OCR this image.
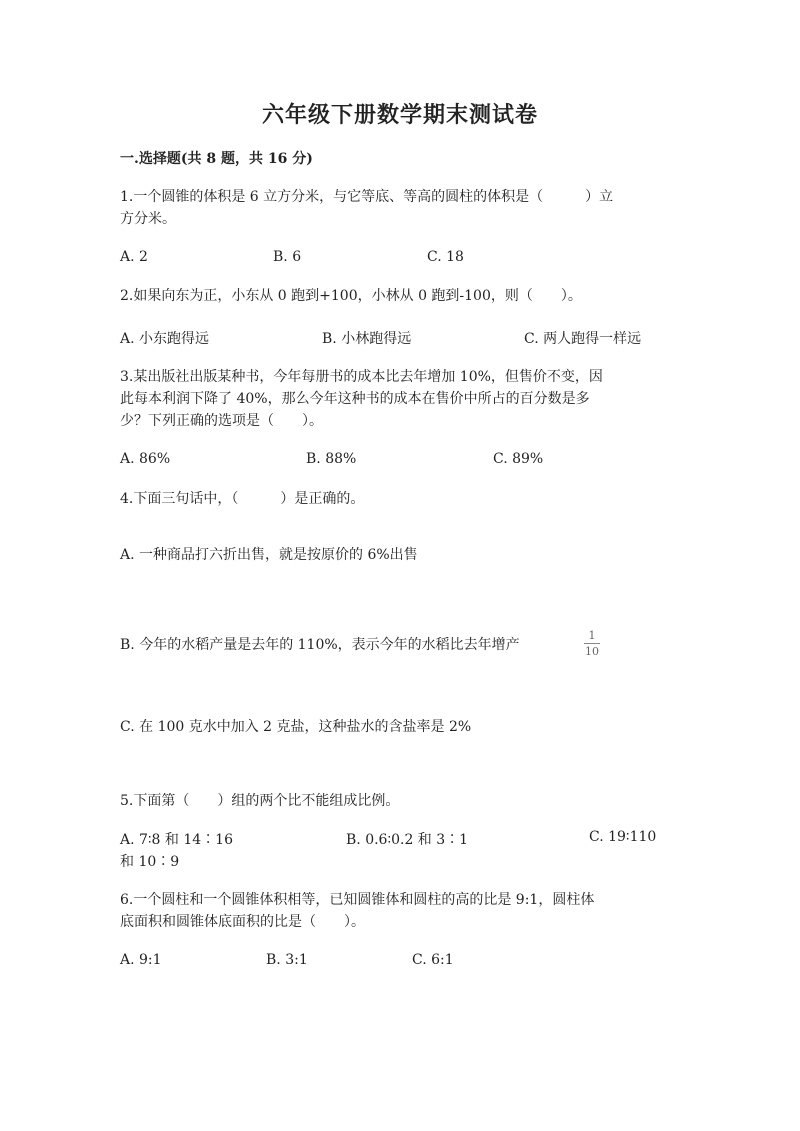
六年级下册数学期末测试卷
一.选择题(共 8 题，共 16 分)
1.一个圆锥的体积是 6 立方分米，与它等底、等高的圆柱的体积是（　　　）立
方分米。
A. 2	B. 6	C. 18
2.如果向东为正，小东从 0 跑到+100，小林从 0 跑到-100，则（　　）。
A. 小东跑得远	B. 小林跑得远	C. 两人跑得一样远
3.某出版社出版某种书，今年每册书的成本比去年增加 10%，但售价不变，因
此每本利润下降了 40%，那么今年这种书的成本在售价中所占的百分数是多
少？下列正确的选项是（　　）。
A. 86%	B. 88%	C. 89%
4.下面三句话中，（　　　）是正确的。
A. 一种商品打六折出售，就是按原价的 6%出售
B. 今年的水稻产量是去年的 110%，表示今年的水稻比去年增产
1
10
C. 在 100 克水中加入 2 克盐，这种盐水的含盐率是 2%
5.下面第（　　）组的两个比不能组成比例。
A. 7∶8 和 14∶16	B. 0.6∶0.2 和 3∶1	C. 19∶110
和 10∶9
6.一个圆柱和一个圆锥体积相等，已知圆锥体和圆柱的高的比是 9:1，圆柱体
底面积和圆锥体底面积的比是（　　）。
A. 9:1	B. 3:1	C. 6:1
